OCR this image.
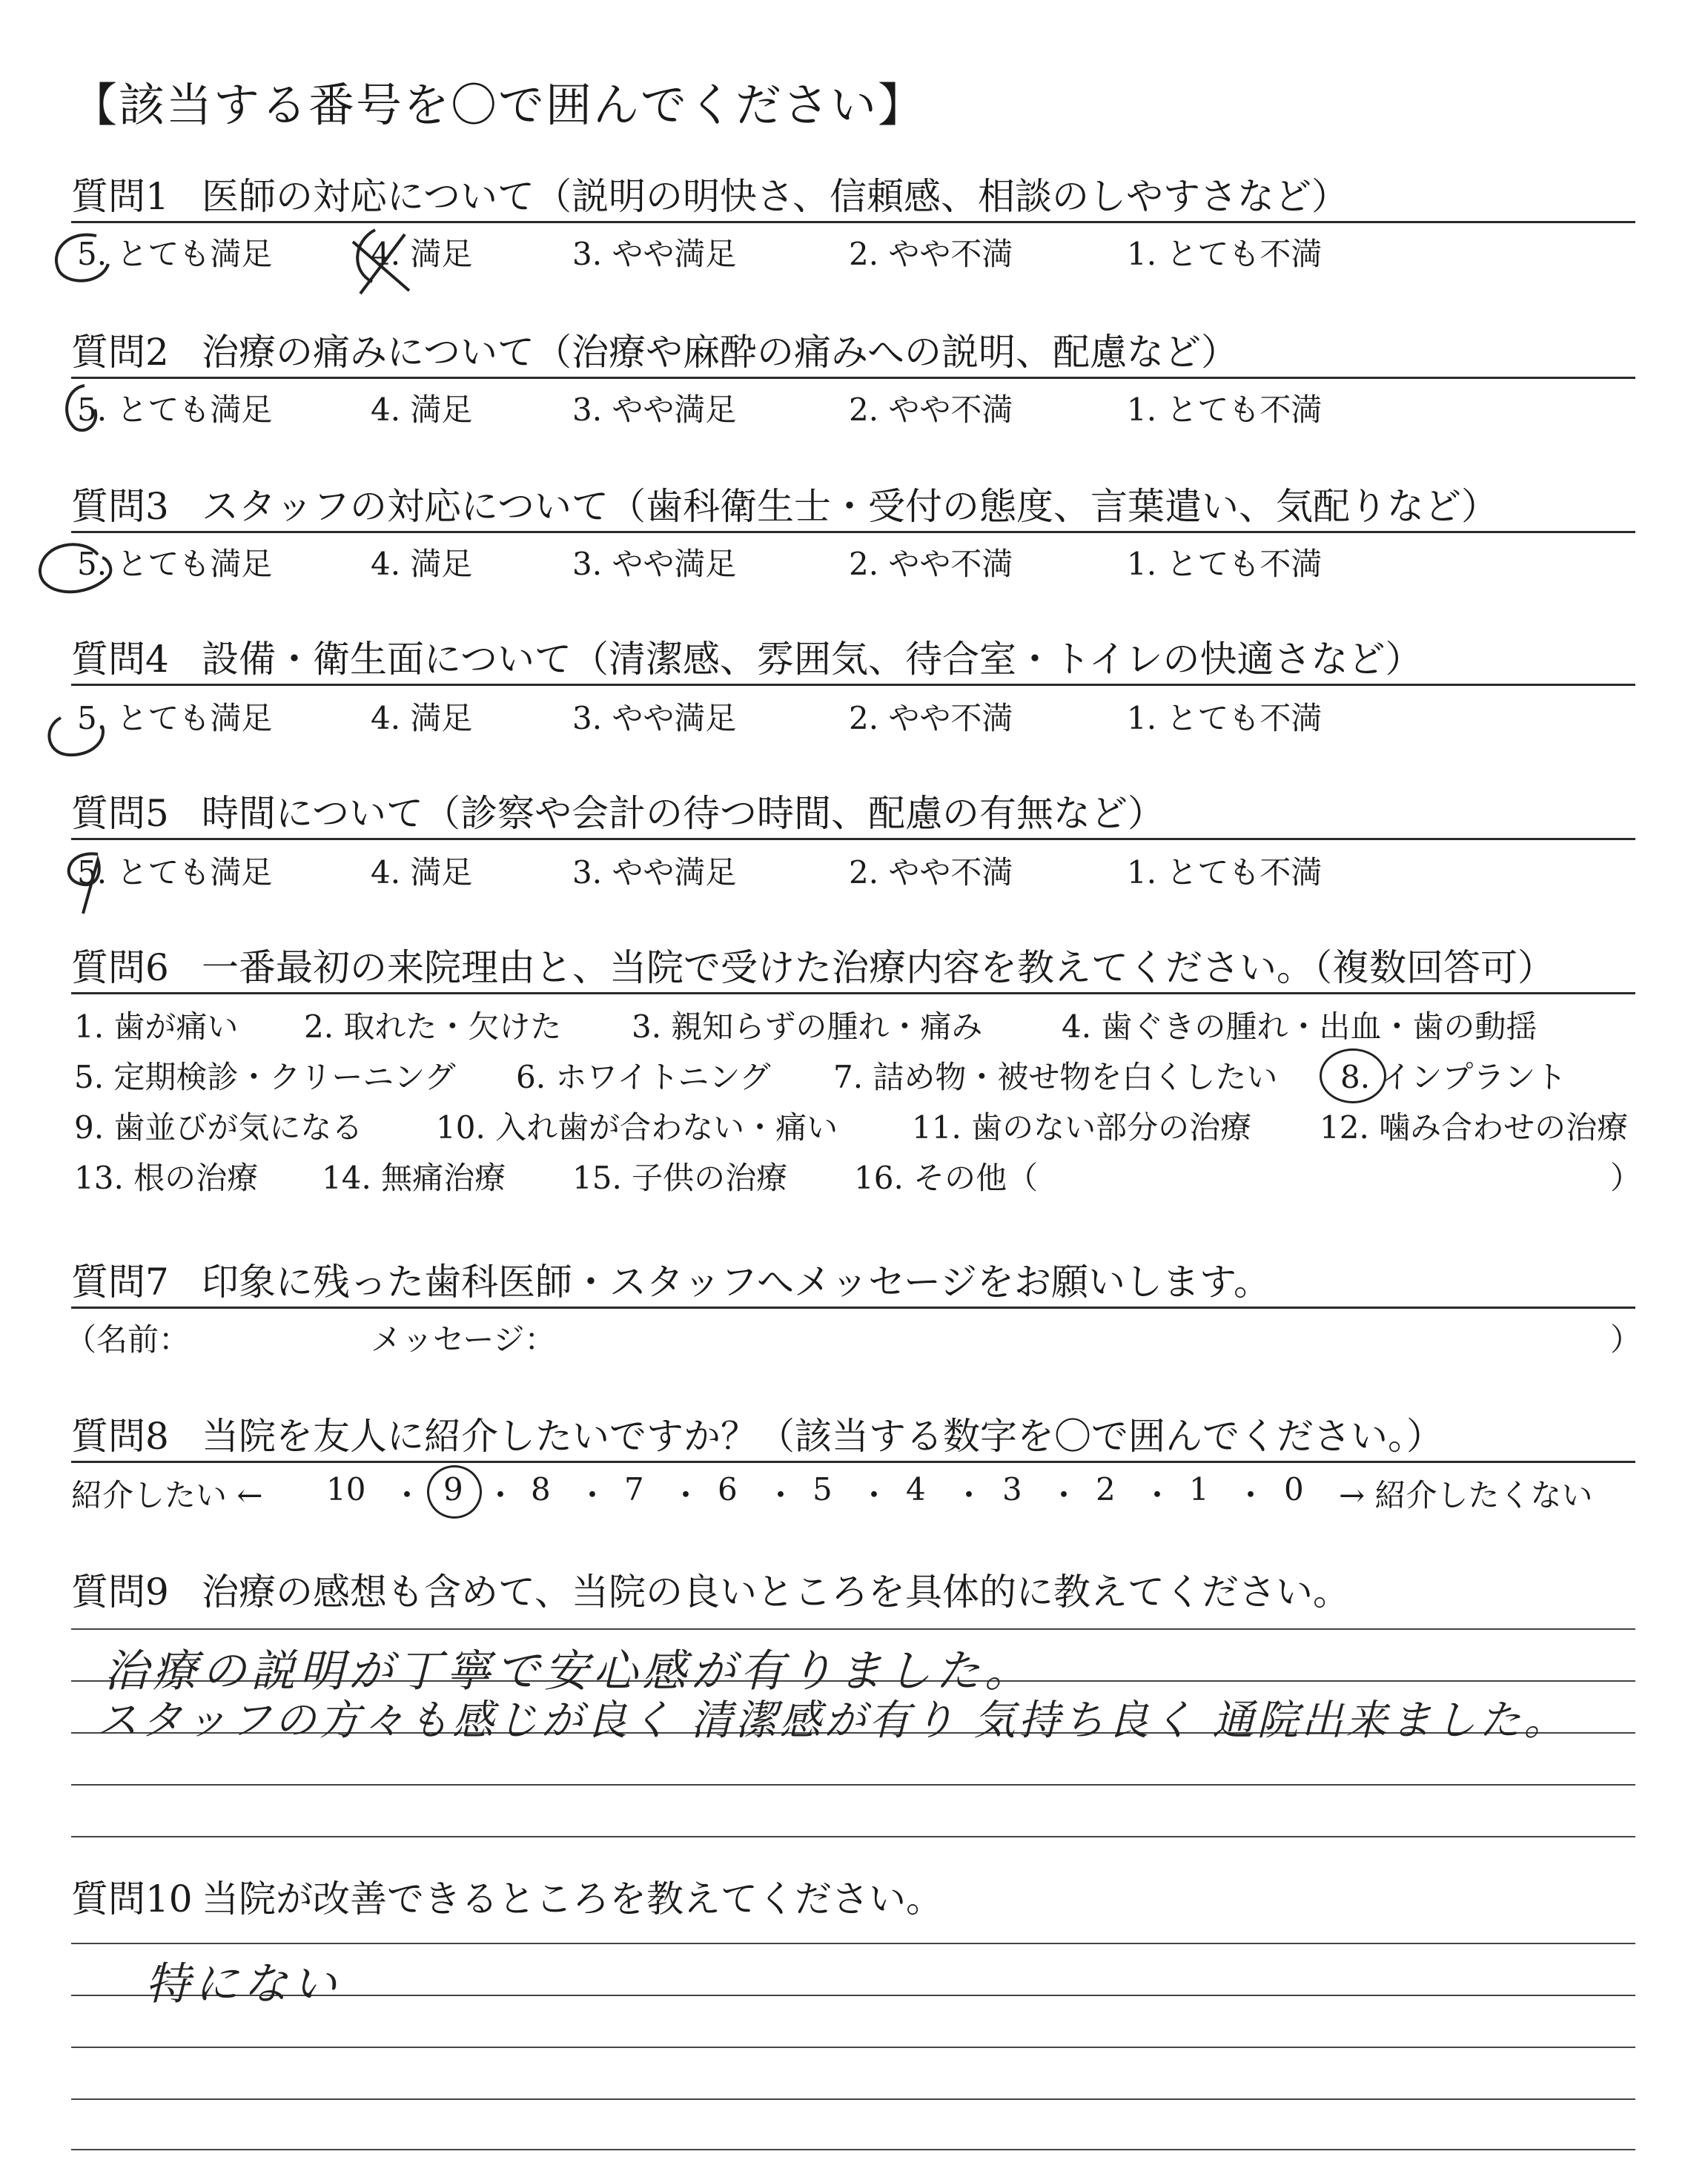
【該当する番号を〇で囲んでください】
質問1 医師の対応について（説明の明快さ、信頼感、相談のしやすさなど）
5. とても満足	4. 満足	3. やや満足	2. やや不満	1. とても不満
質問2 治療の痛みについて（治療や麻酔の痛みへの説明、配慮など）
5. とても満足	4. 満足	3. やや満足	2. やや不満	1. とても不満
質問3 スタッフの対応について（歯科衛生士・受付の態度、言葉遣い、気配りなど）
5. とても満足	4. 満足	3. やや満足	2. やや不満	1. とても不満
質問4 設備・衛生面について（清潔感、雰囲気、待合室・トイレの快適さなど）
5. とても満足	4. 満足	3. やや満足	2. やや不満	1. とても不満
質問5 時間について（診察や会計の待つ時間、配慮の有無など）
5. とても満足	4. 満足	3. やや満足	2. やや不満	1. とても不満
質問6 一番最初の来院理由と、当院で受けた治療内容を教えてください。（複数回答可）
1. 歯が痛い 2. 取れた・欠けた 3. 親知らずの腫れ・痛み	4. 歯ぐきの腫れ・出血・歯の動揺
5. 定期検診・クリーニング 6. ホワイトニング 7. 詰め物・被せ物を白くしたい 8. インプラント
9. 歯並びが気になる 10. 入れ歯が合わない・痛い 11. 歯のない部分の治療 12. 噛み合わせの治療
13. 根の治療 14. 無痛治療 15. 子供の治療 16. その他（	）
質問7 印象に残った歯科医師・スタッフへメッセージをお願いします。
（名前：	メッセージ：	）
質問8 当院を友人に紹介したいですか？（該当する数字を〇で囲んでください。）
紹介したい ← 10 ・ 9 ・ 8 ・ 7 ・ 6 ・ 5 ・ 4 ・ 3 ・ 2 ・ 1 ・ 0 → 紹介したくない
質問9 治療の感想も含めて、当院の良いところを具体的に教えてください。
治療の説明が丁寧で安心感が有りました。
スタッフの方々も感じが良く 清潔感が有り 気持ち良く 通院出来ました。
質問10 当院が改善できるところを教えてください。
特にない
